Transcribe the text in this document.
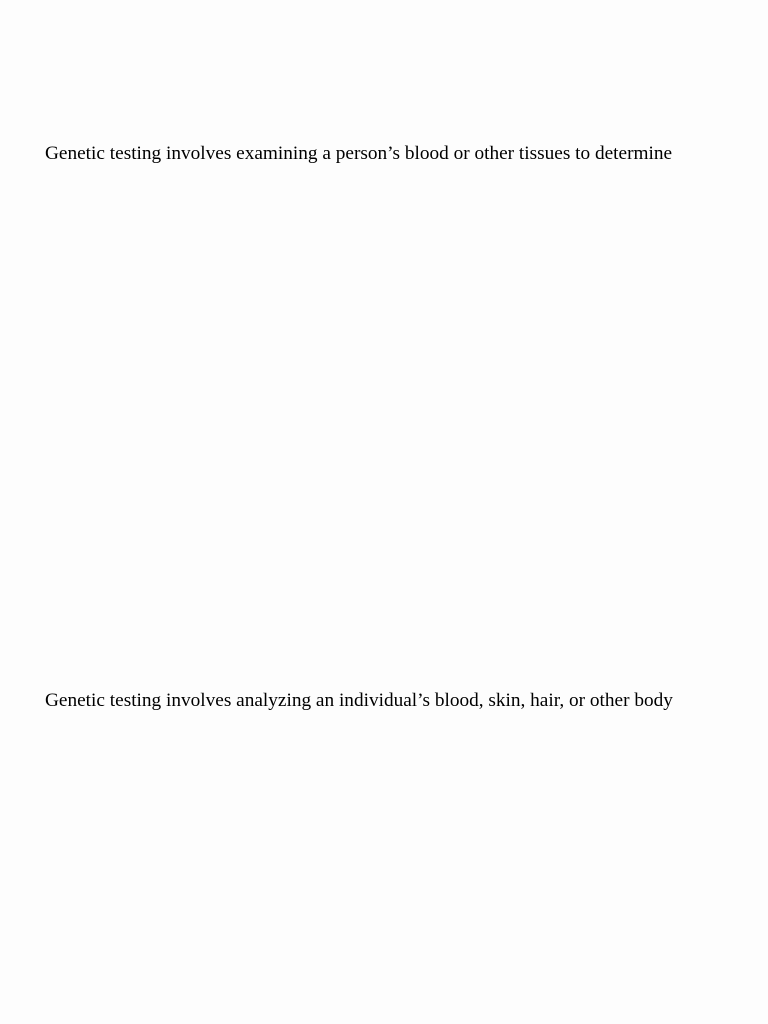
Genetic testing involves examining a person’s blood or other tissues to determine

Genetic testing involves analyzing an individual’s blood, skin, hair, or other body
